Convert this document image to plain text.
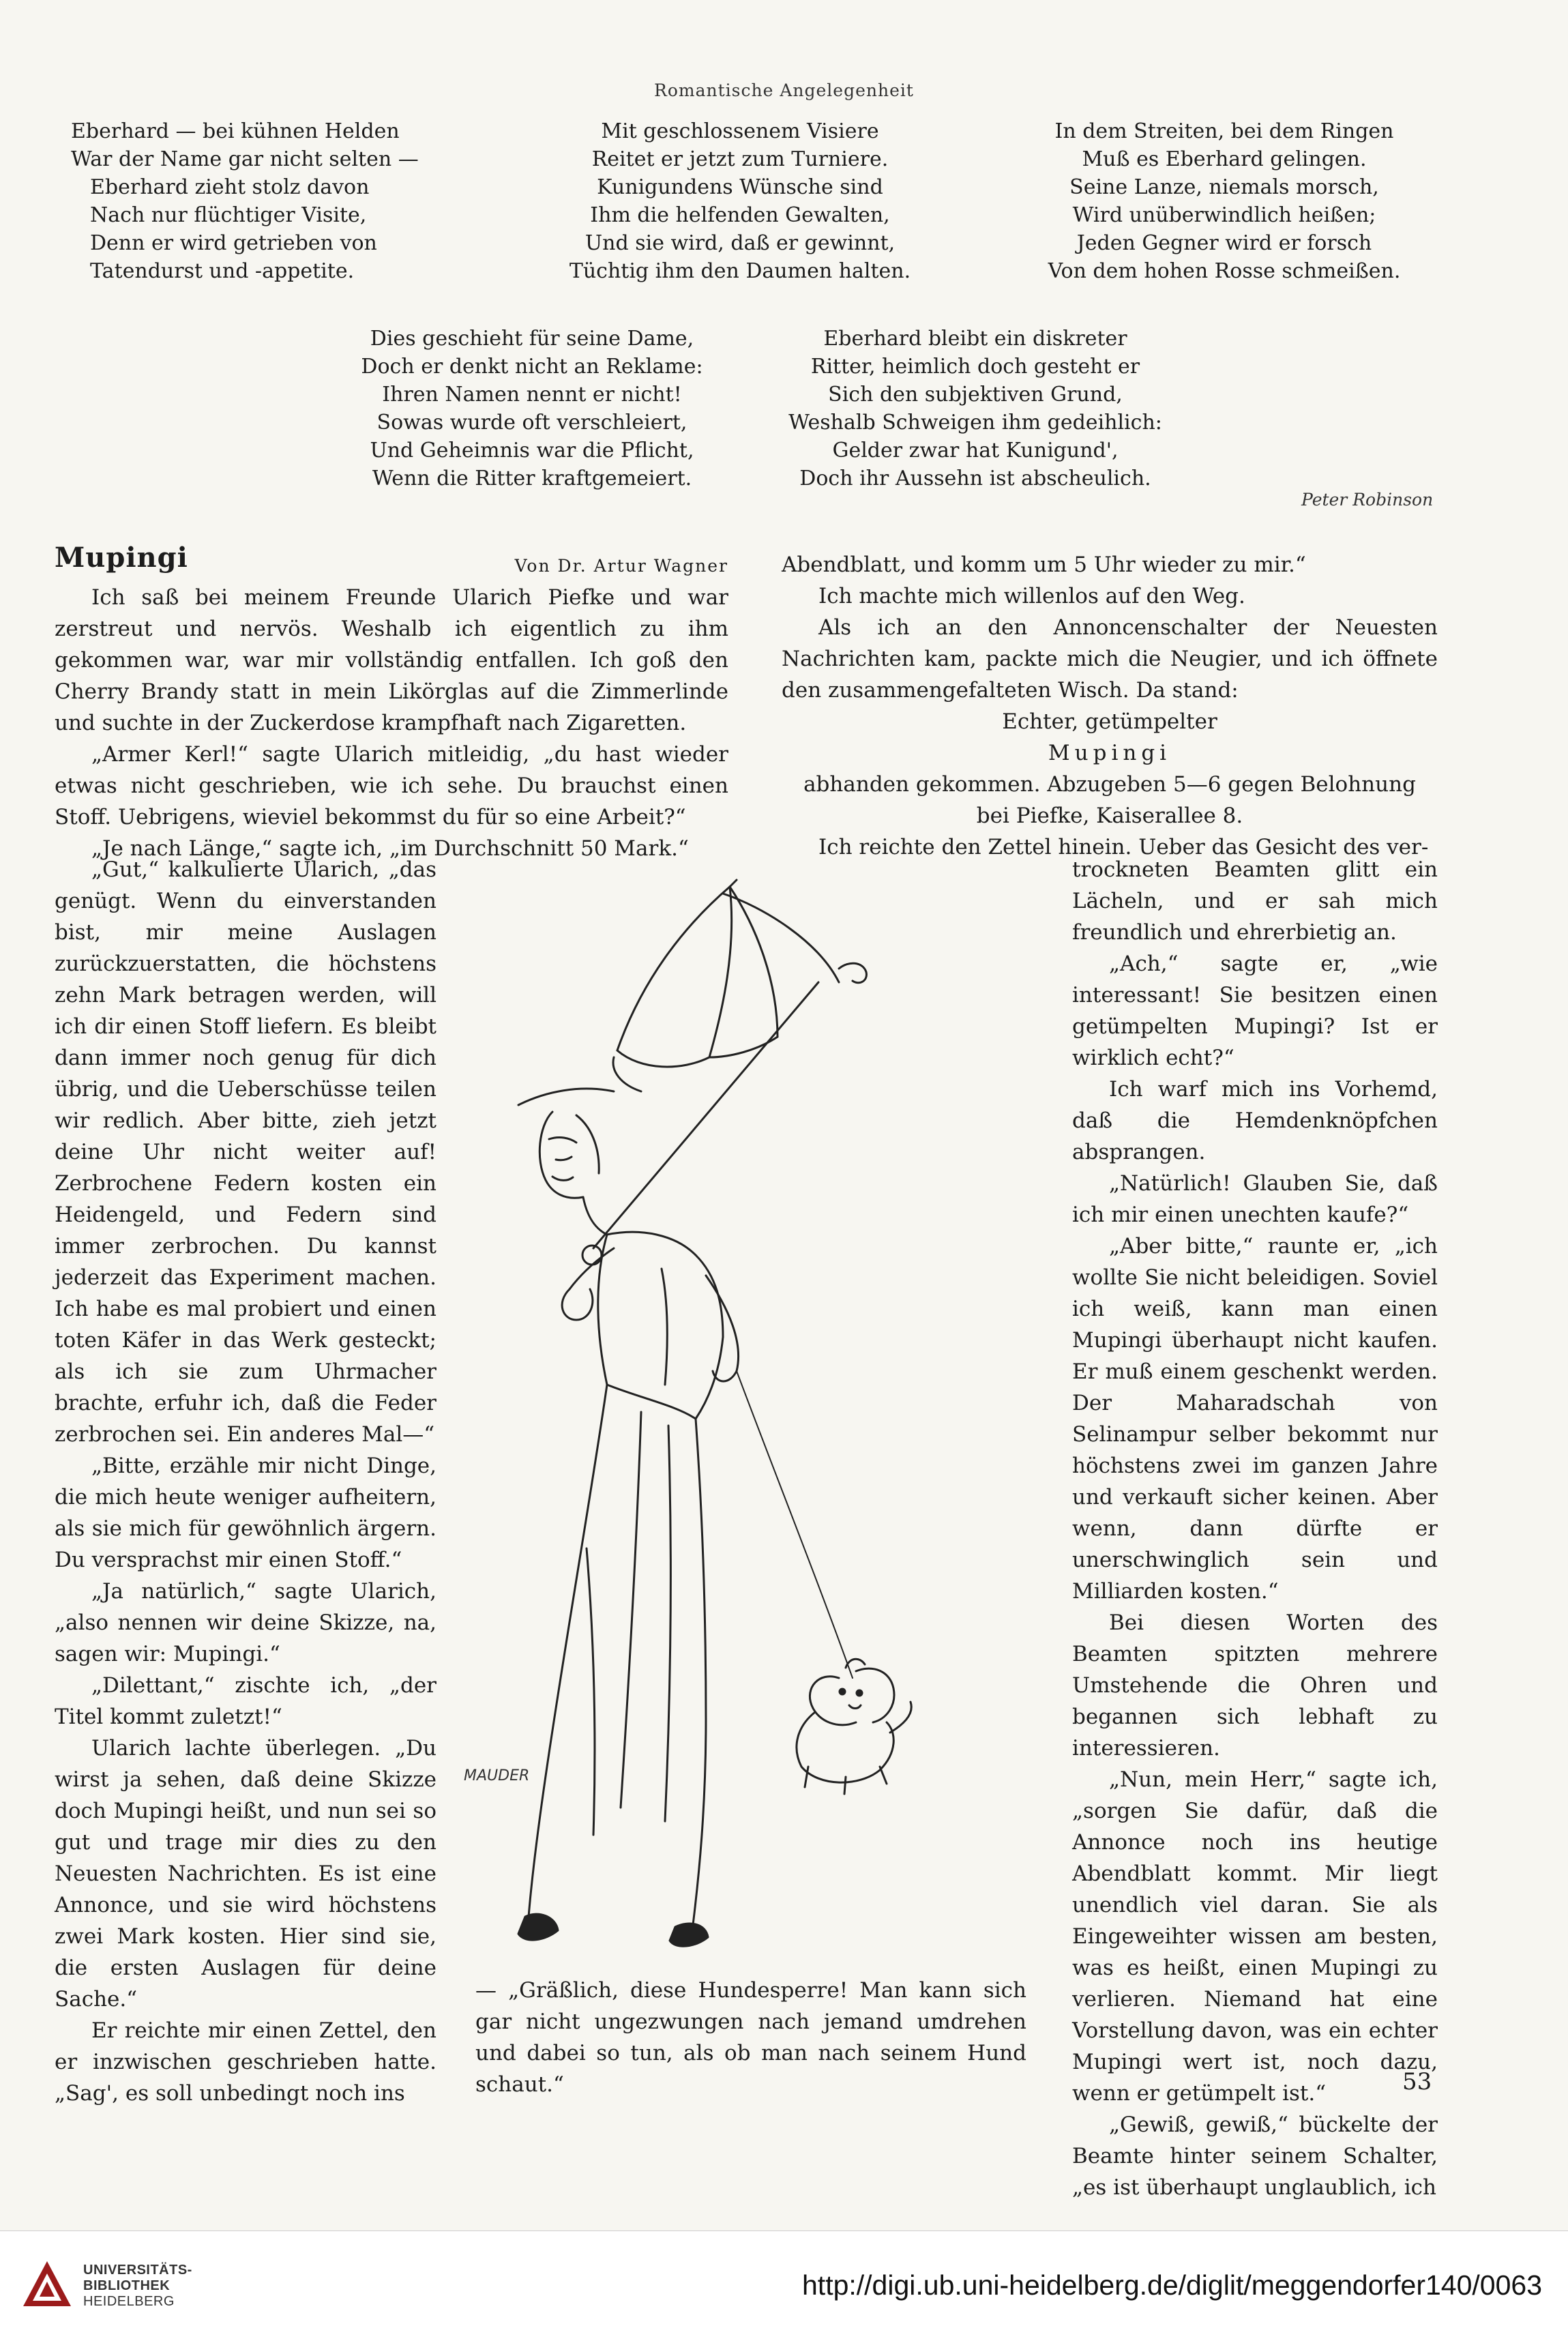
Romantische Angelegenheit
Eberhard — bei kühnen Helden
War der Name gar nicht selten —
Eberhard zieht stolz davon
Nach nur flüchtiger Visite,
Denn er wird getrieben von
Tatendurst und -appetite.
Mit geschlossenem Visiere
Reitet er jetzt zum Turniere.
Kunigundens Wünsche sind
Ihm die helfenden Gewalten,
Und sie wird, daß er gewinnt,
Tüchtig ihm den Daumen halten.
In dem Streiten, bei dem Ringen
Muß es Eberhard gelingen.
Seine Lanze, niemals morsch,
Wird unüberwindlich heißen;
Jeden Gegner wird er forsch
Von dem hohen Rosse schmeißen.
Dies geschieht für seine Dame,
Doch er denkt nicht an Reklame:
Ihren Namen nennt er nicht!
Sowas wurde oft verschleiert,
Und Geheimnis war die Pflicht,
Wenn die Ritter kraftgemeiert.
Eberhard bleibt ein diskreter
Ritter, heimlich doch gesteht er
Sich den subjektiven Grund,
Weshalb Schweigen ihm gedeihlich:
Gelder zwar hat Kunigund',
Doch ihr Aussehn ist abscheulich.
Peter Robinson
Mupingi	Von Dr. Artur Wagner

Ich saß bei meinem Freunde Ularich Piefke und war zerstreut und nervös. Weshalb ich eigentlich zu ihm gekommen war, war mir vollständig entfallen. Ich goß den Cherry Brandy statt in mein Likörglas auf die Zimmerlinde und suchte in der Zuckerdose krampfhaft nach Zigaretten.

„Armer Kerl!“ sagte Ularich mitleidig, „du hast wieder etwas nicht geschrieben, wie ich sehe. Du brauchst einen Stoff. Uebrigens, wieviel bekommst du für so eine Arbeit?“

„Je nach Länge,“ sagte ich, „im Durchschnitt 50 Mark.“

„Gut,“ kalkulierte Ularich, „das genügt. Wenn du einverstanden bist, mir meine Auslagen zurückzuerstatten, die höchstens zehn Mark betragen werden, will ich dir einen Stoff liefern. Es bleibt dann immer noch genug für dich übrig, und die Ueberschüsse teilen wir redlich. Aber bitte, zieh jetzt deine Uhr nicht weiter auf! Zerbrochene Federn kosten ein Heidengeld, und Federn sind immer zerbrochen. Du kannst jederzeit das Experiment machen. Ich habe es mal probiert und einen toten Käfer in das Werk gesteckt; als ich sie zum Uhrmacher brachte, erfuhr ich, daß die Feder zerbrochen sei. Ein anderes Mal—“

„Bitte, erzähle mir nicht Dinge, die mich heute weniger aufheitern, als sie mich für gewöhnlich ärgern. Du versprachst mir einen Stoff.“

„Ja natürlich,“ sagte Ularich, „also nennen wir deine Skizze, na, sagen wir: Mupingi.“

„Dilettant,“ zischte ich, „der Titel kommt zuletzt!“

Ularich lachte überlegen. „Du wirst ja sehen, daß deine Skizze doch Mupingi heißt, und nun sei so gut und trage mir dies zu den Neuesten Nachrichten. Es ist eine Annonce, und sie wird höchstens zwei Mark kosten. Hier sind sie, die ersten Auslagen für deine Sache.“

Er reichte mir einen Zettel, den er inzwischen geschrieben hatte. „Sag', es soll unbedingt noch ins

Abendblatt, und komm um 5 Uhr wieder zu mir.“

Ich machte mich willenlos auf den Weg.

Als ich an den Annoncenschalter der Neuesten Nachrichten kam, packte mich die Neugier, und ich öffnete den zusammengefalteten Wisch. Da stand:

Echter, getümpelter

Mupingi

abhanden gekommen. Abzugeben 5—6 gegen Belohnung

bei Piefke, Kaiserallee 8.

Ich reichte den Zettel hinein. Ueber das Gesicht des ver-

trockneten Beamten glitt ein Lächeln, und er sah mich freundlich und ehrerbietig an.

„Ach,“ sagte er, „wie interessant! Sie besitzen einen getümpelten Mupingi? Ist er wirklich echt?“

Ich warf mich ins Vorhemd, daß die Hemdenknöpfchen absprangen.

„Natürlich! Glauben Sie, daß ich mir einen unechten kaufe?“

„Aber bitte,“ raunte er, „ich wollte Sie nicht beleidigen. Soviel ich weiß, kann man einen Mupingi überhaupt nicht kaufen. Er muß einem geschenkt werden. Der Maharadschah von Selinampur selber bekommt nur höchstens zwei im ganzen Jahre und verkauft sicher keinen. Aber wenn, dann dürfte er unerschwinglich sein und Milliarden kosten.“

Bei diesen Worten des Beamten spitzten mehrere Umstehende die Ohren und begannen sich lebhaft zu interessieren.

„Nun, mein Herr,“ sagte ich, „sorgen Sie dafür, daß die Annonce noch ins heutige Abendblatt kommt. Mir liegt unendlich viel daran. Sie als Eingeweihter wissen am besten, was es heißt, einen Mupingi zu verlieren. Niemand hat eine Vorstellung davon, was ein echter Mupingi wert ist, noch dazu, wenn er getümpelt ist.“

„Gewiß, gewiß,“ bückelte der Beamte hinter seinem Schalter, „es ist überhaupt unglaublich, ich

MAUDER

— „Gräßlich, diese Hundesperre! Man kann sich gar nicht ungezwungen nach jemand umdrehen und dabei so tun, als ob man nach seinem Hund schaut.“	53
UNIVERSITÄTS-
BIBLIOTHEK
HEIDELBERG
http://digi.ub.uni-heidelberg.de/diglit/meggendorfer140/0063
